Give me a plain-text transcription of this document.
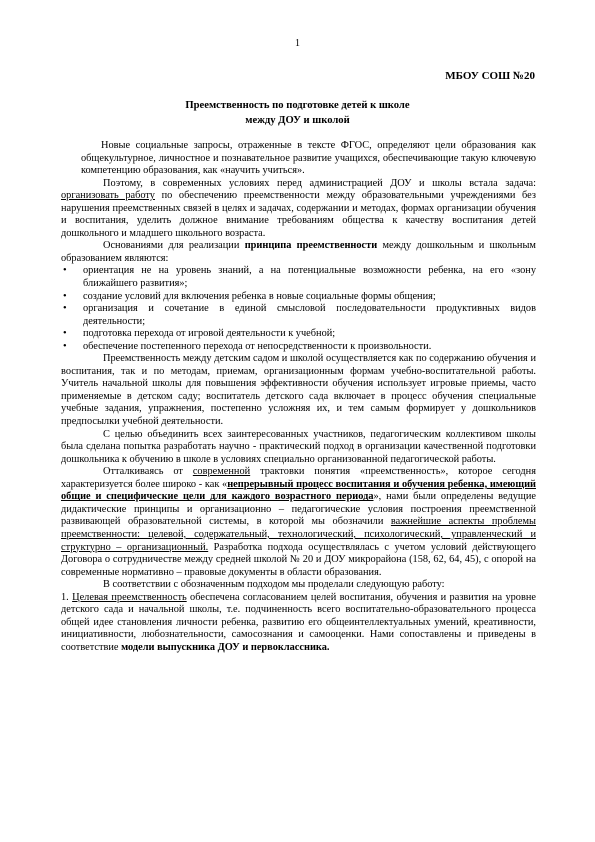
1
МБОУ СОШ №20
Преемственность по подготовке детей к школе
между ДОУ и школой

Новые социальные запросы, отраженные в тексте ФГОС, определяют цели образования как общекультурное, личностное и познавательное развитие учащихся, обеспечивающие такую ключевую компетенцию образования, как «научить учиться».

Поэтому, в современных условиях перед администрацией ДОУ и школы встала задача: организовать работу по обеспечению преемственности между образовательными учреждениями без нарушения преемственных связей в целях и задачах, содержании и методах, формах организации обучения и воспитания, уделить должное внимание требованиям общества к качеству воспитания детей дошкольного и младшего школьного возраста.

Основаниями для реализации принципа преемственности между дошкольным и школьным образованием являются:

• ориентация не на уровень знаний, а на потенциальные возможности ребенка, на его «зону ближайшего развития»;
• создание условий для включения ребенка в новые социальные формы общения;
• организация и сочетание в единой смысловой последовательности продуктивных видов деятельности;
• подготовка перехода от игровой деятельности к учебной;
• обеспечение постепенного перехода от непосредственности к произвольности.

Преемственность между детским садом и школой осуществляется как по содержанию обучения и воспитания, так и по методам, приемам, организационным формам учебно-воспитательной работы. Учитель начальной школы для повышения эффективности обучения использует игровые приемы, часто применяемые в детском саду; воспитатель детского сада включает в процесс обучения специальные учебные задания, упражнения, постепенно усложняя их, и тем самым формирует у дошкольников предпосылки учебной деятельности.

С целью объединить всех заинтересованных участников, педагогическим коллективом школы была сделана попытка разработать научно - практический подход в организации качественной подготовки дошкольника к обучению в школе в условиях специально организованной педагогической работы.

Отталкиваясь от современной трактовки понятия «преемственность», которое сегодня характеризуется более широко - как «непрерывный процесс воспитания и обучения ребенка, имеющий общие и специфические цели для каждого возрастного периода», нами были определены ведущие дидактические принципы и организационно – педагогические условия построения преемственной развивающей образовательной системы, в которой мы обозначили важнейшие аспекты проблемы преемственности: целевой, содержательный, технологический, психологический, управленческий и структурно – организационный. Разработка подхода осуществлялась с учетом условий действующего Договора о сотрудничестве между средней школой № 20 и ДОУ микрорайона (158, 62, 64, 45), с опорой на современные нормативно – правовые документы в области образования.

В соответствии с обозначенным подходом мы проделали следующую работу:

1. Целевая преемственность обеспечена согласованием целей воспитания, обучения и развития на уровне детского сада и начальной школы, т.е. подчиненность всего воспитательно-образовательного процесса общей идее становления личности ребенка, развитию его общеинтеллектуальных умений, креативности, инициативности, любознательности, самосознания и самооценки. Нами сопоставлены и приведены в соответствие модели выпускника ДОУ и первоклассника.
